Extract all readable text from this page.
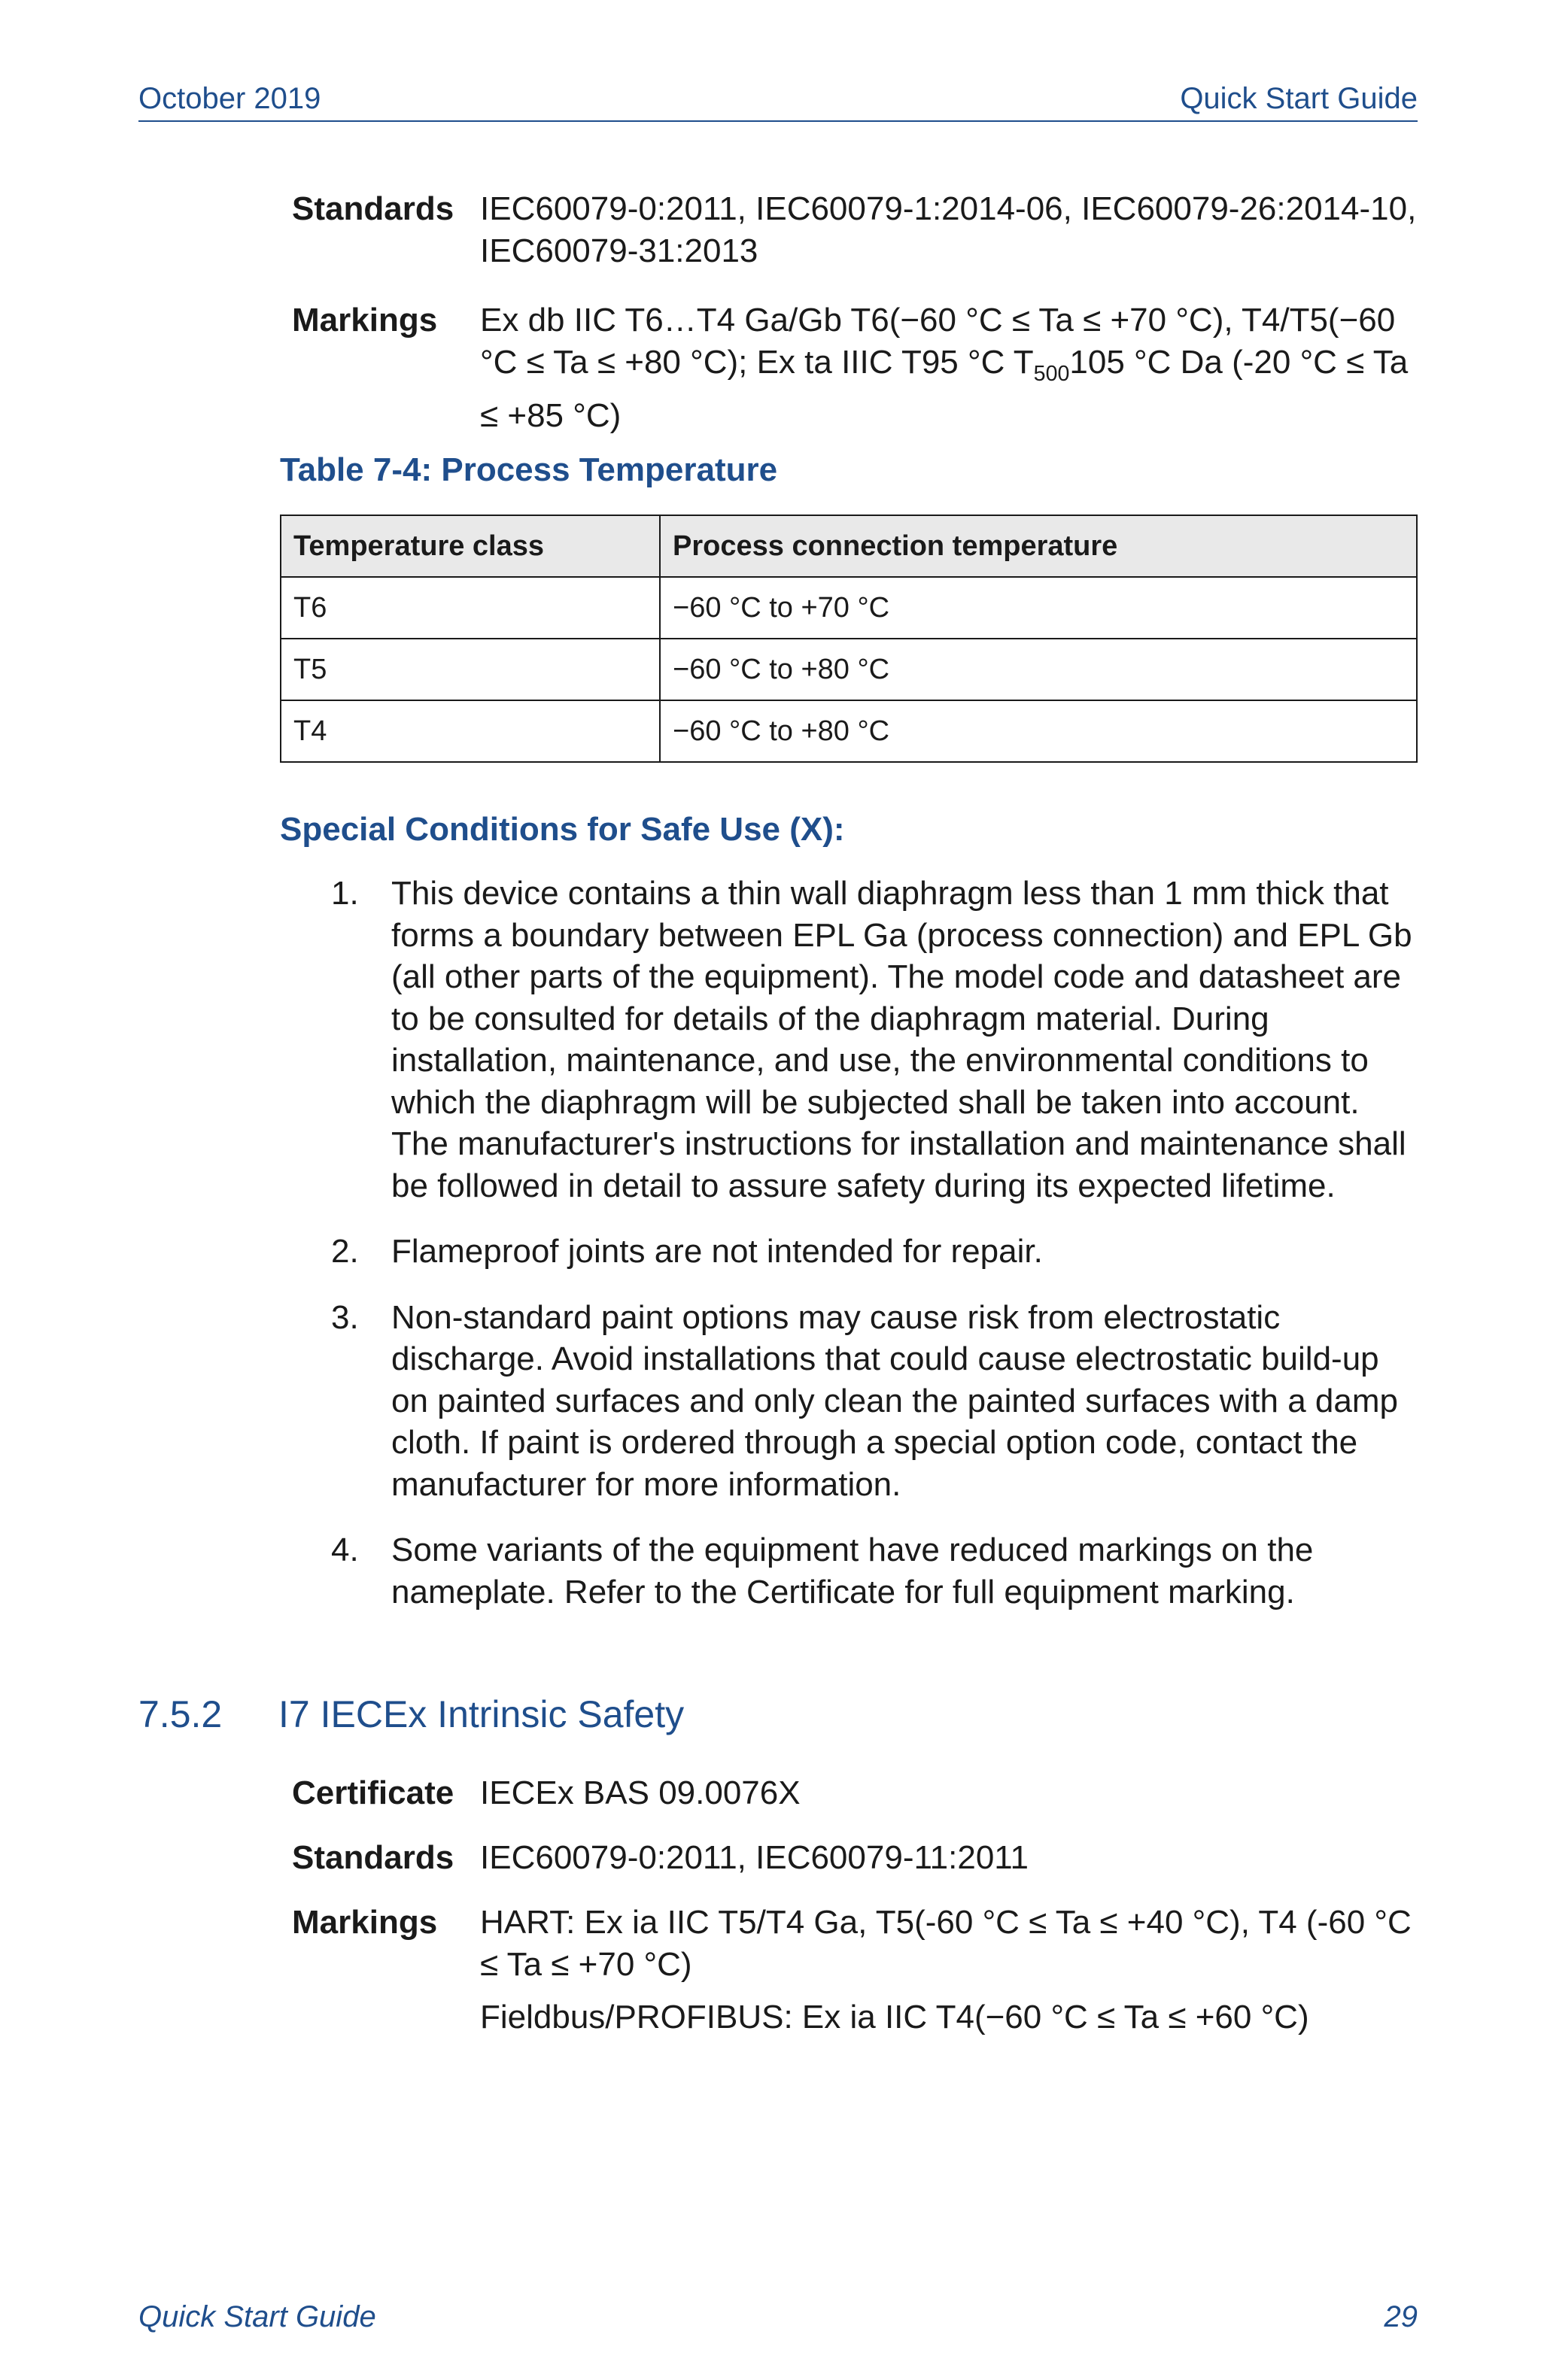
October 2019	Quick Start Guide
Standards IEC60079-0:2011, IEC60079-1:2014-06, IEC60079-26:2014-10, IEC60079-31:2013
Markings	Ex db IIC T6…T4 Ga/Gb T6(−60 °C ≤ Ta ≤ +70 °C), T4/T5(−60 °C ≤ Ta ≤ +80 °C); Ex ta IIIC T95 °C $T_{500}105$ °C Da (-20 °C ≤ Ta ≤ +85 °C)
Table 7-4: Process Temperature
Temperature class	Process connection temperature
T6	−60 °C to +70 °C
T5	−60 °C to +80 °C
T4	−60 °C to +80 °C
Special Conditions for Safe Use (X):
1. This device contains a thin wall diaphragm less than 1 mm thick that forms a boundary between EPL Ga (process connection) and EPL Gb (all other parts of the equipment). The model code and datasheet are to be consulted for details of the diaphragm material. During installation, maintenance, and use, the environmental conditions to which the diaphragm will be subjected shall be taken into account. The manufacturer's instructions for installation and maintenance shall be followed in detail to assure safety during its expected lifetime.
2. Flameproof joints are not intended for repair.
3. Non-standard paint options may cause risk from electrostatic discharge. Avoid installations that could cause electrostatic build-up on painted surfaces and only clean the painted surfaces with a damp cloth. If paint is ordered through a special option code, contact the manufacturer for more information.
4. Some variants of the equipment have reduced markings on the nameplate. Refer to the Certificate for full equipment marking.
7.5.2 I7 IECEx Intrinsic Safety
Certificate IECEx BAS 09.0076X
Standards IEC60079-0:2011, IEC60079-11:2011
Markings	HART: Ex ia IIC T5/T4 Ga, T5(-60 °C ≤ Ta ≤ +40 °C), T4 (-60 °C ≤ Ta ≤ +70 °C)
Fieldbus/PROFIBUS: Ex ia IIC T4(−60 °C ≤ Ta ≤ +60 °C)
Quick Start Guide	29
